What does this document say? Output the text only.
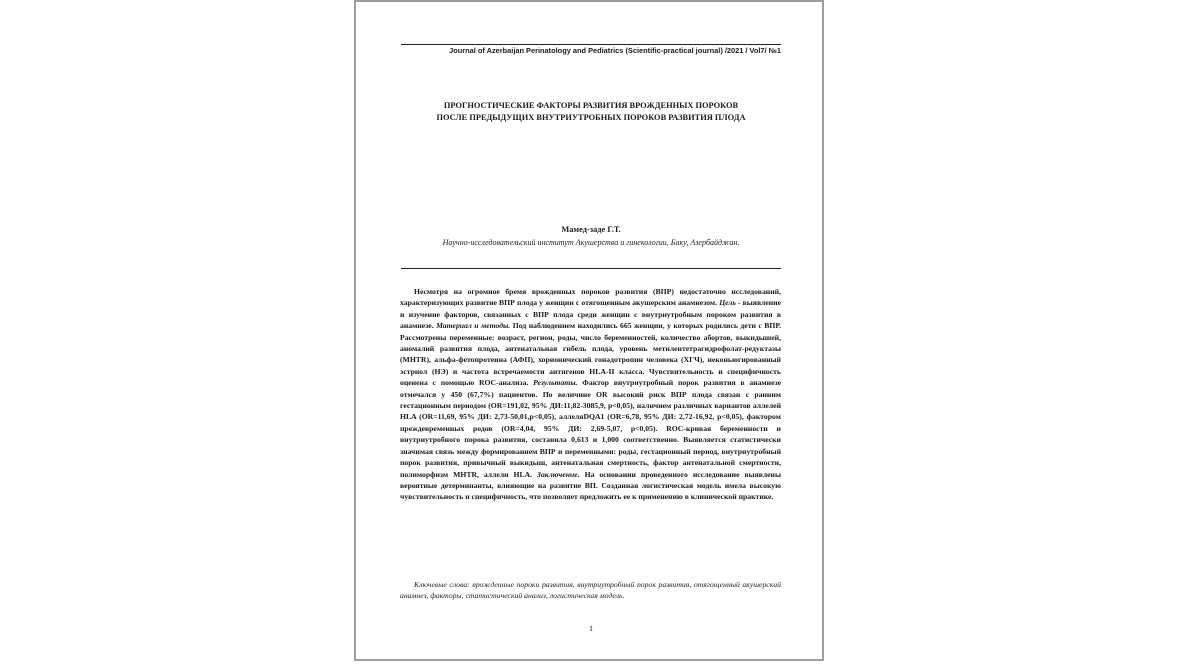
Journal of Azerbaijan Perinatology and Pediatrics (Scientific-practical journal) /2021 / Vol7/ №1
ПРОГНОСТИЧЕСКИЕ ФАКТОРЫ РАЗВИТИЯ ВРОЖДЕННЫХ ПОРОКОВ
ПОСЛЕ ПРЕДЫДУЩИХ ВНУТРИУТРОБНЫХ ПОРОКОВ РАЗВИТИЯ ПЛОДА
Мамед-заде Г.Т.
Научно-исследовательский институт Акушерства и гинекологии, Баку, Азербайджан.
Несмотря на огромное бремя врожденных пороков развития (ВПР) недостаточно исследований, характеризующих развитие ВПР плода у женщин с отягощенным акушерским анамнезом. Цель - выявление и изучение факторов, связанных с ВПР плода среди женщин с внутриутробным пороком развития в анамнезе. Материал и методы. Под наблюдением находились 665 женщин, у которых родились дети с ВПР. Рассмотрены переменные: возраст, регион, роды, число беременностей, количество абортов, выкидышей, аномалий развития плода, антенатальная гибель плода, уровень метилентетрагидрофолат-редуктазы (МНТR), альфа-фетопротеина (АФП), хорионический гонадотропин человека (ХГЧ), неконьюгированный эстриол (НЭ) и частота встречаемости антигенов HLA-II класса. Чувствительность и специфичность оценена с помощью ROC-анализа. Результаты. Фактор внутриутробный порок развития в анамнезе отмечался у 450 (67,7%) пациентов. По величине OR высокий риск ВПР плода связан с ранним гестационным периодом (OR=191,02, 95% ДИ:11,82-3085,9, p<0,05), наличием различных вариантов аллелей HLA (OR=11,69, 95% ДИ: 2,73-50,01,p<0,05), аллеляDQA1 (OR=6,78, 95% ДИ: 2,72-16,92, p<0,05), фактором преждевременных родов (OR=4,04, 95% ДИ: 2,69-5,07, p<0,05). ROC-кривая беременности и внутриутробного порока развития, составила 0,613 и 1,000 соответственно. Выявляется статистически значимая связь между формированием ВПР и переменными: роды, гестационный период, внутриутробный порок развития, привычный выкидыш, антенатальная смертность, фактор антенатальной смертности, полиморфизм МНТR, аллели HLA. Заключение. На основании проведенного исследование выявлены вероятные детерминанты, влияющие на развитие ВП. Созданная логистическая модель имела высокую чувствительность и специфичность, что позволяет предложить ее к применению в клинической практике.
Ключевые слова: врожденные пороки развития, внутриутробный порок развития, отягощенный акушерский анамнез, факторы, статистический анализ, логистическая модель.
1
